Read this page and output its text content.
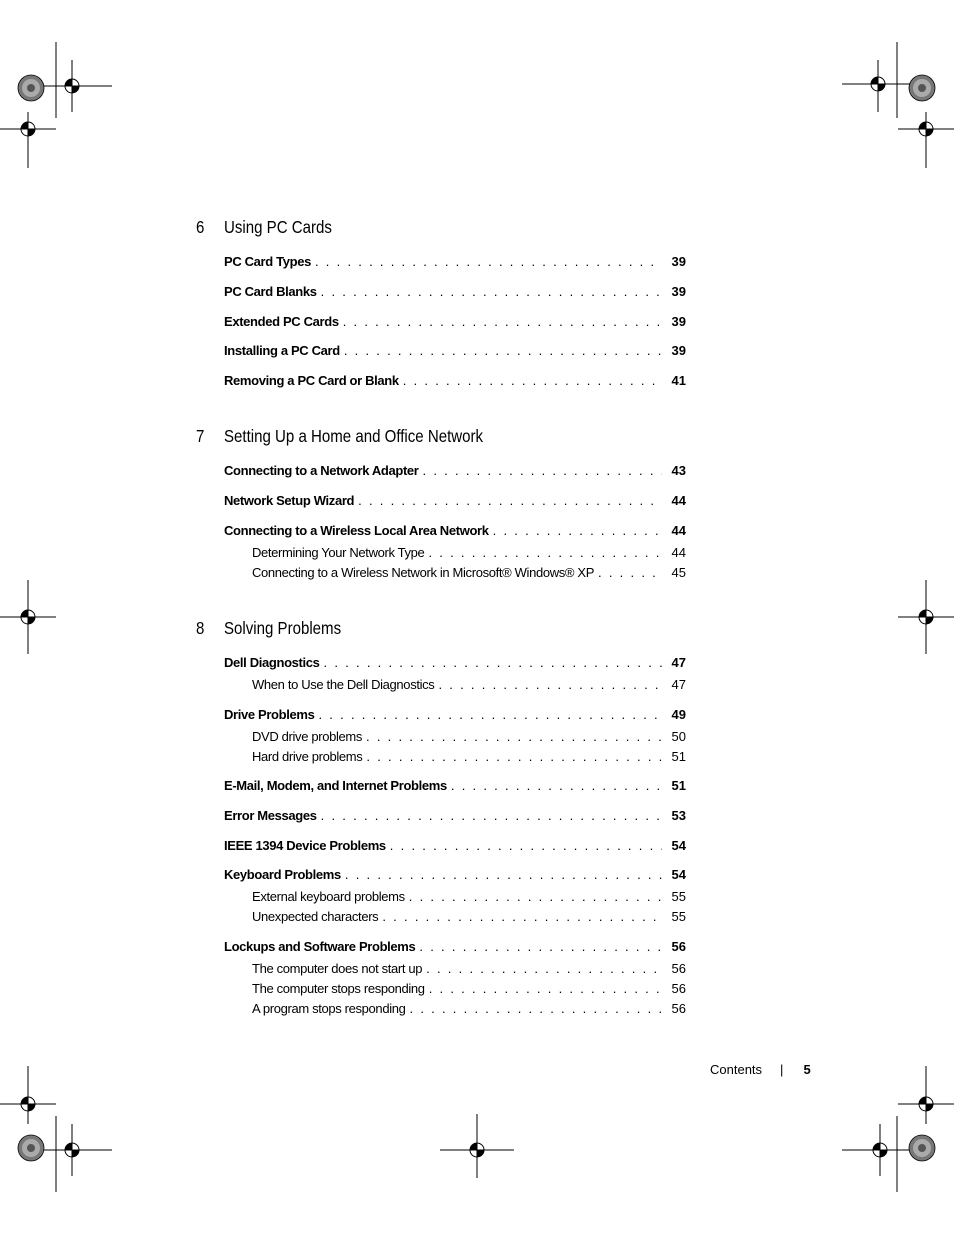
6	Using PC Cards
PC Card Types . . .	39
PC Card Blanks . . .	39
Extended PC Cards . . .	39
Installing a PC Card . . .	39
Removing a PC Card or Blank . . .	41
7	Setting Up a Home and Office Network
Connecting to a Network Adapter . . .	43
Network Setup Wizard . . .	44
Connecting to a Wireless Local Area Network . . .	44
Determining Your Network Type . . .	44
Connecting to a Wireless Network in Microsoft® Windows® XP . . .	45
8	Solving Problems
Dell Diagnostics . . .	47
When to Use the Dell Diagnostics . . .	47
Drive Problems . . .	49
DVD drive problems . . .	50
Hard drive problems . . .	51
E-Mail, Modem, and Internet Problems . . .	51
Error Messages . . .	53
IEEE 1394 Device Problems . . .	54
Keyboard Problems . . .	54
External keyboard problems . . .	55
Unexpected characters . . .	55
Lockups and Software Problems . . .	56
The computer does not start up . . .	56
The computer stops responding . . .	56
A program stops responding . . .	56
Contents | 5
